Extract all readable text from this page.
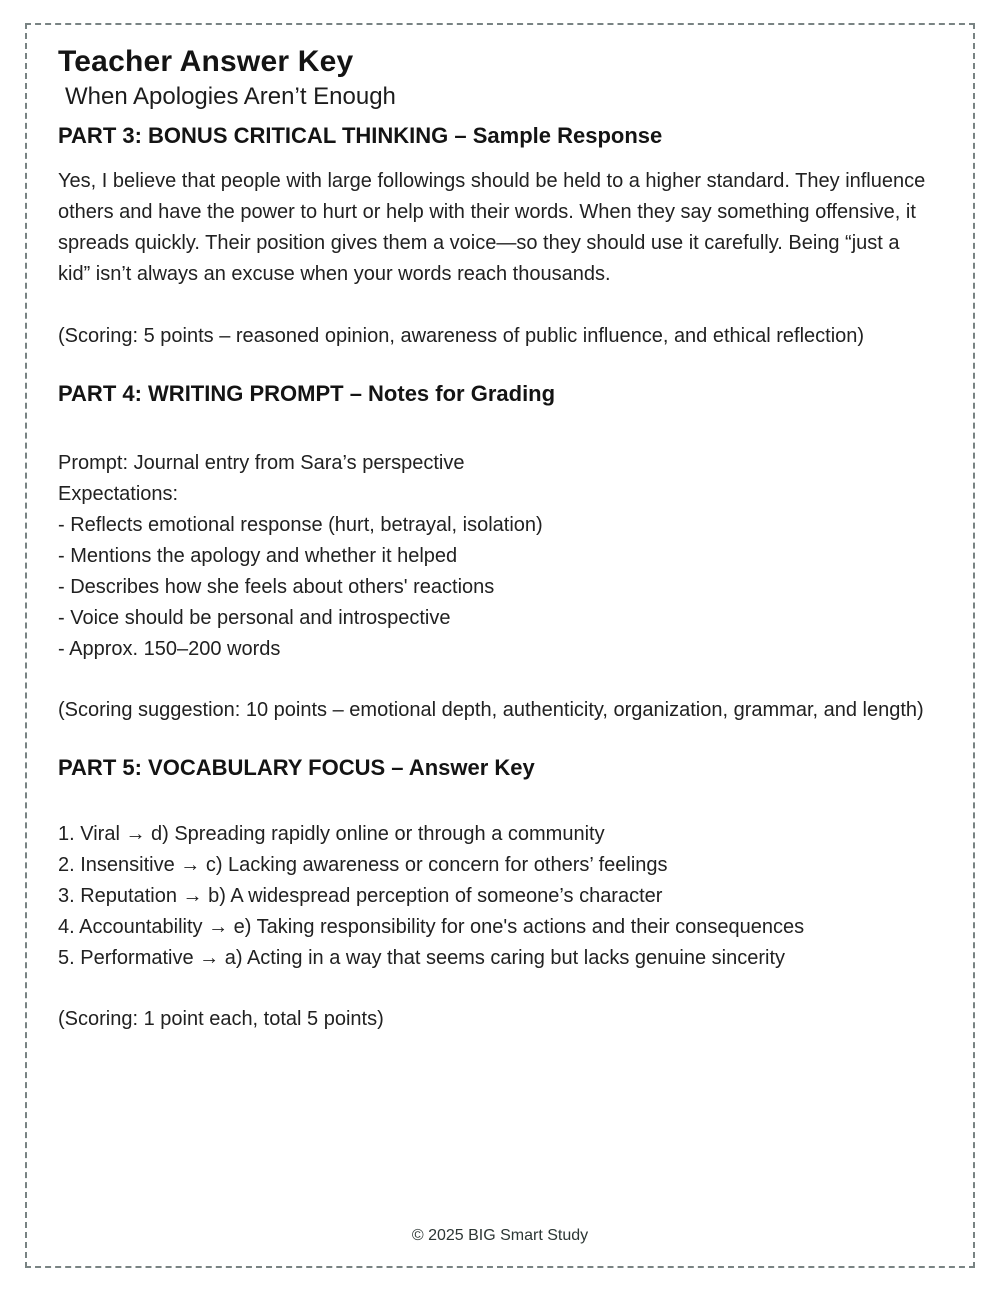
Teacher Answer Key
When Apologies Aren’t Enough
PART 3: BONUS CRITICAL THINKING – Sample Response

Yes, I believe that people with large followings should be held to a higher standard. They influence others and have the power to hurt or help with their words. When they say something offensive, it spreads quickly. Their position gives them a voice—so they should use it carefully. Being “just a kid” isn’t always an excuse when your words reach thousands.

(Scoring: 5 points – reasoned opinion, awareness of public influence, and ethical reflection)

PART 4: WRITING PROMPT – Notes for Grading
Prompt: Journal entry from Sara’s perspective
Expectations:
- Reflects emotional response (hurt, betrayal, isolation)
- Mentions the apology and whether it helped
- Describes how she feels about others' reactions
- Voice should be personal and introspective
- Approx. 150–200 words

(Scoring suggestion: 10 points – emotional depth, authenticity, organization, grammar, and length)

PART 5: VOCABULARY FOCUS – Answer Key
1. Viral → d) Spreading rapidly online or through a community
2. Insensitive → c) Lacking awareness or concern for others’ feelings
3. Reputation → b) A widespread perception of someone’s character
4. Accountability → e) Taking responsibility for one's actions and their consequences
5. Performative → a) Acting in a way that seems caring but lacks genuine sincerity

(Scoring: 1 point each, total 5 points)

© 2025 BIG Smart Study
